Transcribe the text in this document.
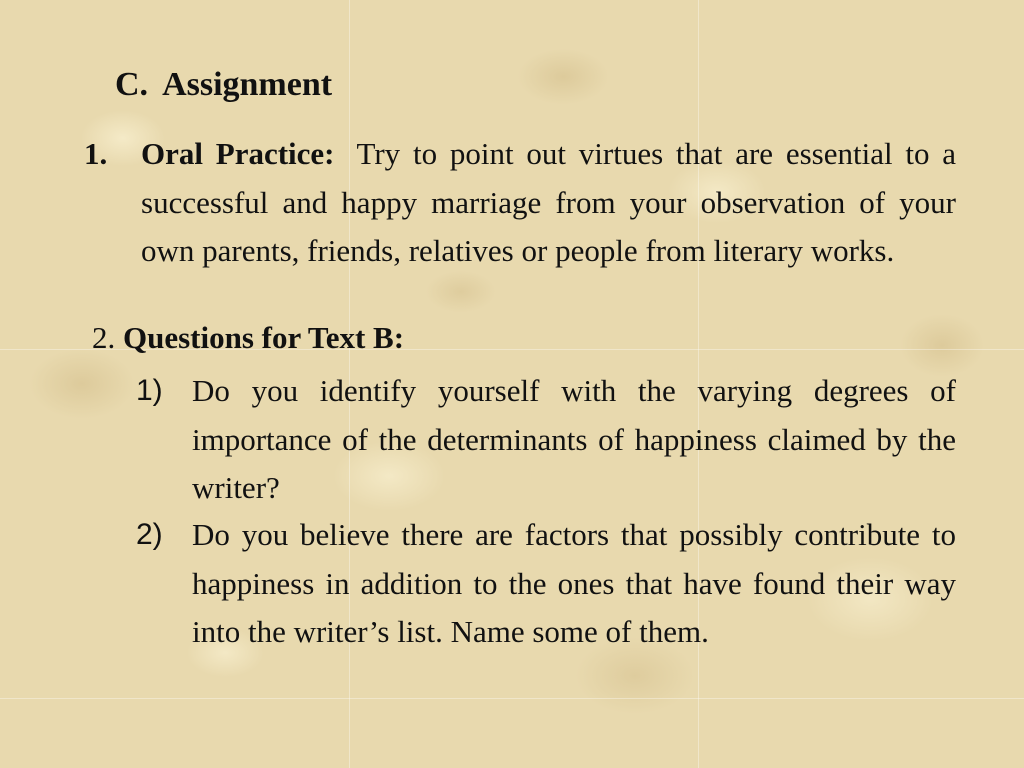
C. Assignment
1. Oral Practice: Try to point out virtues that are essential to a successful and happy marriage from your observation of your own parents, friends, relatives or people from literary works.
2. Questions for Text B:
1) Do you identify yourself with the varying degrees of importance of the determinants of happiness claimed by the writer?
2) Do you believe there are factors that possibly contribute to happiness in addition to the ones that have found their way into the writer’s list. Name some of them.
